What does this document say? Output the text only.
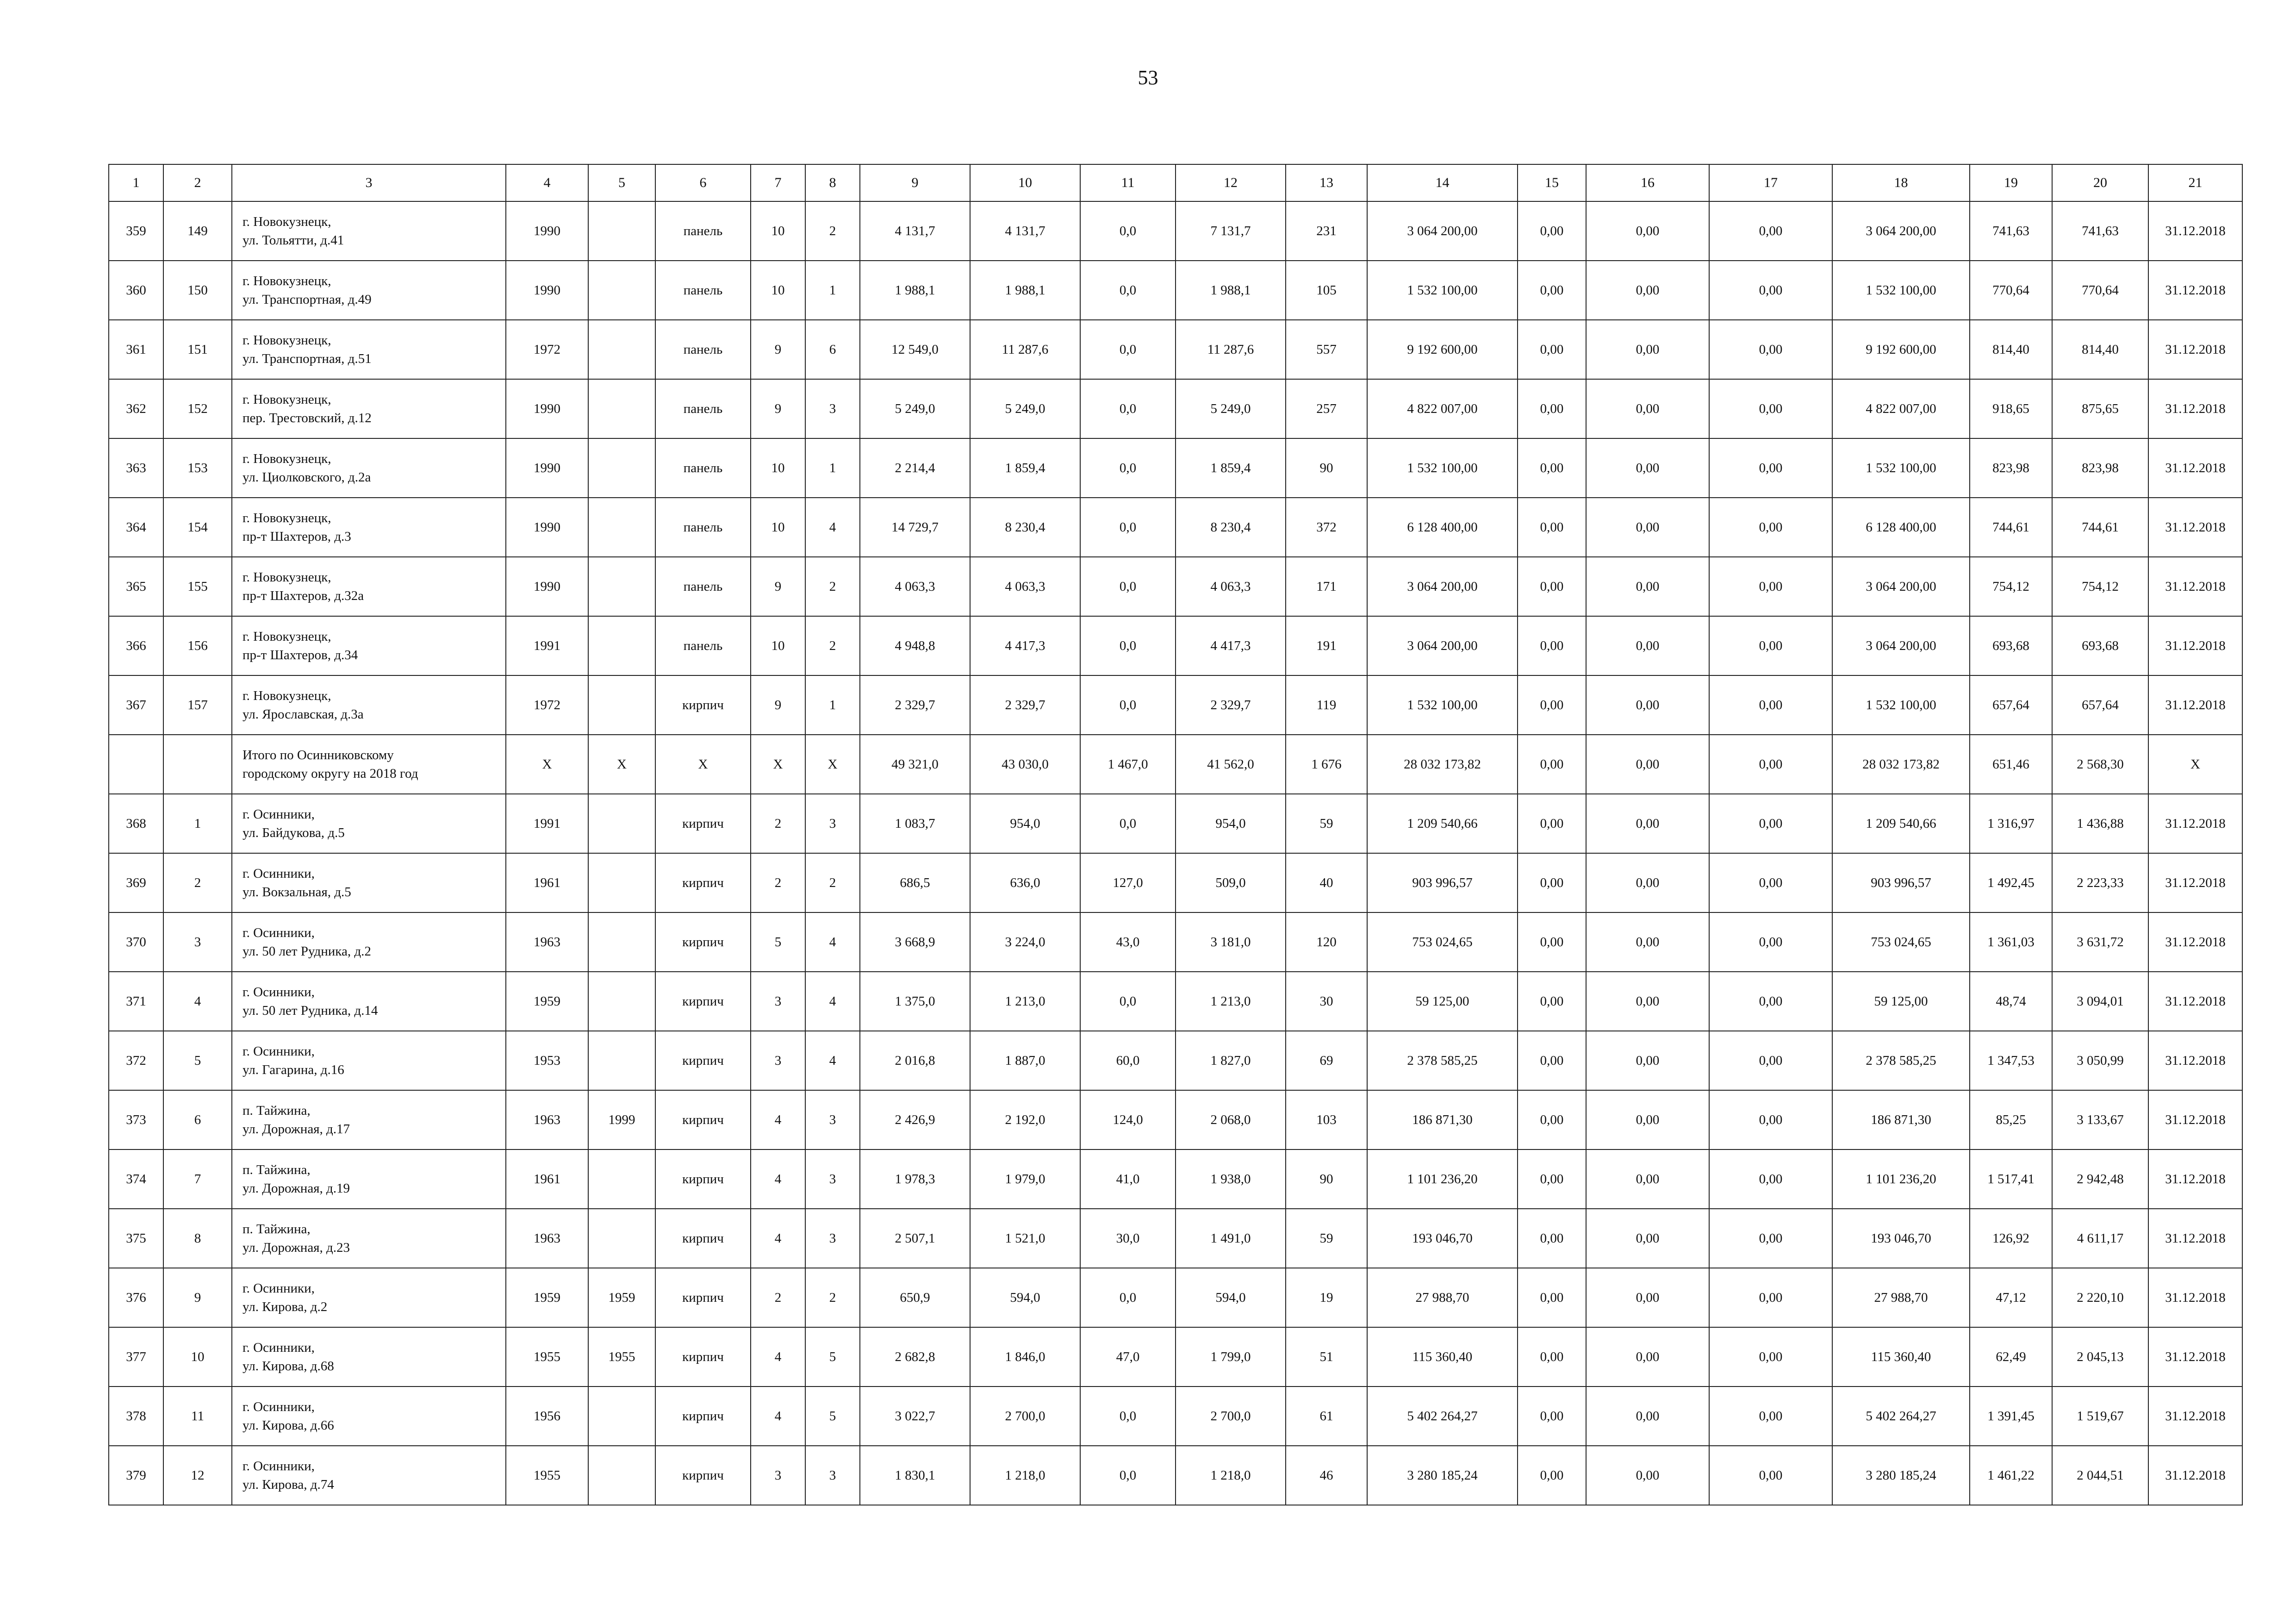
53
1	2	3	4	5	6	7	8	9	10	11	12	13	14	15	16	17	18	19	20	21
359	149	г. Новокузнецк,
ул. Тольятти, д.41	1990		панель	10	2	4 131,7	4 131,7	0,0	7 131,7	231	3 064 200,00	0,00	0,00	0,00	3 064 200,00	741,63	741,63	31.12.2018
360	150	г. Новокузнецк,
ул. Транспортная, д.49	1990		панель	10	1	1 988,1	1 988,1	0,0	1 988,1	105	1 532 100,00	0,00	0,00	0,00	1 532 100,00	770,64	770,64	31.12.2018
361	151	г. Новокузнецк,
ул. Транспортная, д.51	1972		панель	9	6	12 549,0	11 287,6	0,0	11 287,6	557	9 192 600,00	0,00	0,00	0,00	9 192 600,00	814,40	814,40	31.12.2018
362	152	г. Новокузнецк,
пер. Трестовский, д.12	1990		панель	9	3	5 249,0	5 249,0	0,0	5 249,0	257	4 822 007,00	0,00	0,00	0,00	4 822 007,00	918,65	875,65	31.12.2018
363	153	г. Новокузнецк,
ул. Циолковского, д.2а	1990		панель	10	1	2 214,4	1 859,4	0,0	1 859,4	90	1 532 100,00	0,00	0,00	0,00	1 532 100,00	823,98	823,98	31.12.2018
364	154	г. Новокузнецк,
пр-т Шахтеров, д.3	1990		панель	10	4	14 729,7	8 230,4	0,0	8 230,4	372	6 128 400,00	0,00	0,00	0,00	6 128 400,00	744,61	744,61	31.12.2018
365	155	г. Новокузнецк,
пр-т Шахтеров, д.32а	1990		панель	9	2	4 063,3	4 063,3	0,0	4 063,3	171	3 064 200,00	0,00	0,00	0,00	3 064 200,00	754,12	754,12	31.12.2018
366	156	г. Новокузнецк,
пр-т Шахтеров, д.34	1991		панель	10	2	4 948,8	4 417,3	0,0	4 417,3	191	3 064 200,00	0,00	0,00	0,00	3 064 200,00	693,68	693,68	31.12.2018
367	157	г. Новокузнецк,
ул. Ярославская, д.3а	1972		кирпич	9	1	2 329,7	2 329,7	0,0	2 329,7	119	1 532 100,00	0,00	0,00	0,00	1 532 100,00	657,64	657,64	31.12.2018

		Итого по Осинниковскому
городскому округу на 2018 год	X	X	X	X	X	49 321,0	43 030,0	1 467,0	41 562,0	1 676	28 032 173,82	0,00	0,00	0,00	28 032 173,82	651,46	2 568,30	X
368	1	г. Осинники,
ул. Байдукова, д.5	1991		кирпич	2	3	1 083,7	954,0	0,0	954,0	59	1 209 540,66	0,00	0,00	0,00	1 209 540,66	1 316,97	1 436,88	31.12.2018
369	2	г. Осинники,
ул. Вокзальная, д.5	1961		кирпич	2	2	686,5	636,0	127,0	509,0	40	903 996,57	0,00	0,00	0,00	903 996,57	1 492,45	2 223,33	31.12.2018
370	3	г. Осинники,
ул. 50 лет Рудника, д.2	1963		кирпич	5	4	3 668,9	3 224,0	43,0	3 181,0	120	753 024,65	0,00	0,00	0,00	753 024,65	1 361,03	3 631,72	31.12.2018
371	4	г. Осинники,
ул. 50 лет Рудника, д.14	1959		кирпич	3	4	1 375,0	1 213,0	0,0	1 213,0	30	59 125,00	0,00	0,00	0,00	59 125,00	48,74	3 094,01	31.12.2018
372	5	г. Осинники,
ул. Гагарина, д.16	1953		кирпич	3	4	2 016,8	1 887,0	60,0	1 827,0	69	2 378 585,25	0,00	0,00	0,00	2 378 585,25	1 347,53	3 050,99	31.12.2018
373	6	п. Тайжина,
ул. Дорожная, д.17	1963	1999	кирпич	4	3	2 426,9	2 192,0	124,0	2 068,0	103	186 871,30	0,00	0,00	0,00	186 871,30	85,25	3 133,67	31.12.2018
374	7	п. Тайжина,
ул. Дорожная, д.19	1961		кирпич	4	3	1 978,3	1 979,0	41,0	1 938,0	90	1 101 236,20	0,00	0,00	0,00	1 101 236,20	1 517,41	2 942,48	31.12.2018
375	8	п. Тайжина,
ул. Дорожная, д.23	1963		кирпич	4	3	2 507,1	1 521,0	30,0	1 491,0	59	193 046,70	0,00	0,00	0,00	193 046,70	126,92	4 611,17	31.12.2018
376	9	г. Осинники,
ул. Кирова, д.2	1959	1959	кирпич	2	2	650,9	594,0	0,0	594,0	19	27 988,70	0,00	0,00	0,00	27 988,70	47,12	2 220,10	31.12.2018
377	10	г. Осинники,
ул. Кирова, д.68	1955	1955	кирпич	4	5	2 682,8	1 846,0	47,0	1 799,0	51	115 360,40	0,00	0,00	0,00	115 360,40	62,49	2 045,13	31.12.2018
378	11	г. Осинники,
ул. Кирова, д.66	1956		кирпич	4	5	3 022,7	2 700,0	0,0	2 700,0	61	5 402 264,27	0,00	0,00	0,00	5 402 264,27	1 391,45	1 519,67	31.12.2018
379	12	г. Осинники,
ул. Кирова, д.74	1955		кирпич	3	3	1 830,1	1 218,0	0,0	1 218,0	46	3 280 185,24	0,00	0,00	0,00	3 280 185,24	1 461,22	2 044,51	31.12.2018
